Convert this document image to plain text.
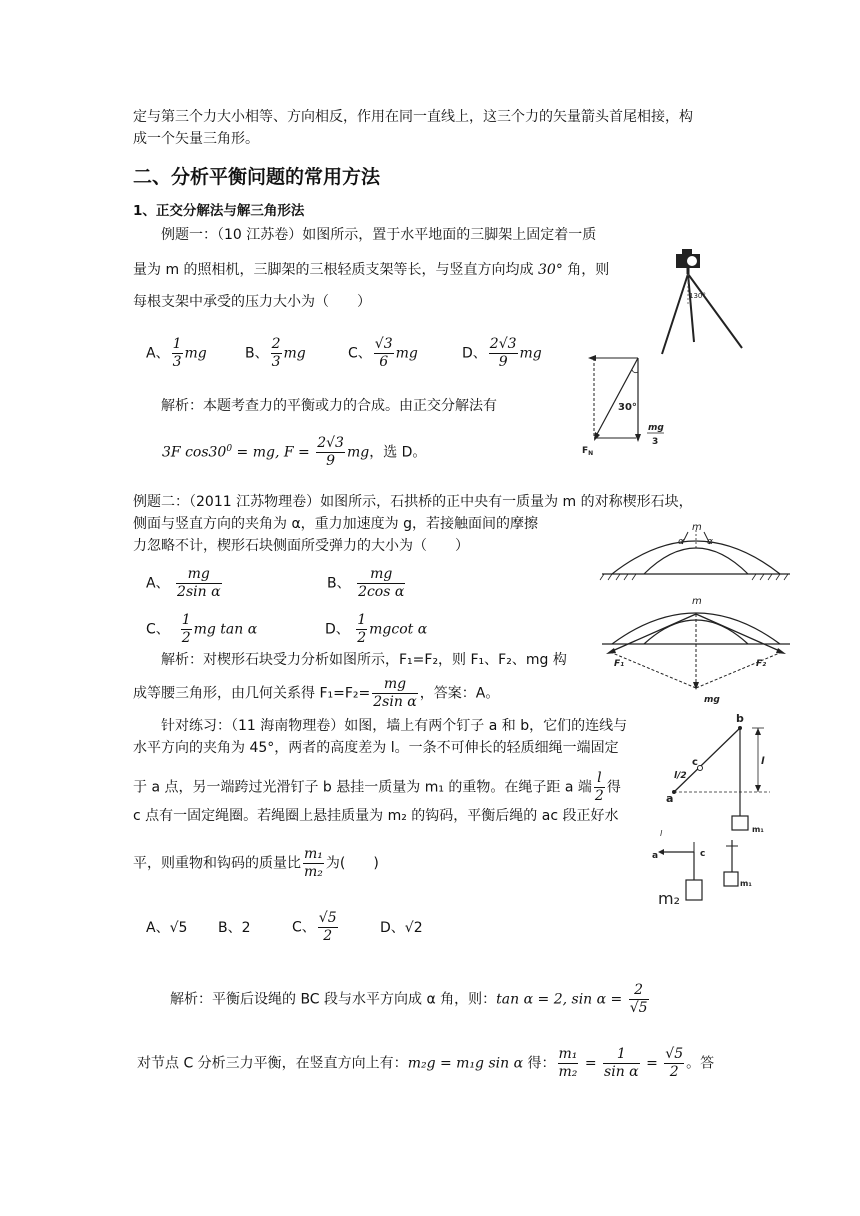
定与第三个力大小相等、方向相反，作用在同一直线上，这三个力的矢量箭头首尾相接，构
成一个矢量三角形。
二、分析平衡问题的常用方法
1、正交分解法与解三角形法
例题一：（10 江苏卷）如图所示，置于水平地面的三脚架上固定着一质
量为 m 的照相机，三脚架的三根轻质支架等长，与竖直方向均成 30° 角，则
每根支架中承受的压力大小为（　　）
A、 $\frac{1}{3}$ mg	B、 $\frac{2}{3}$ mg	C、 $\frac{√3}{6}$ mg	D、 $\frac{2√3}{9}$ mg
解析：本题考查力的平衡或力的合成。由正交分解法有
3F $\cos 30^0$ = mg, $F = \frac{2√3}{9}$ mg，选 D。
130°
30°
mg
3
$F_N$
例题二：（2011 江苏物理卷）如图所示，石拱桥的正中央有一质量为 m 的对称楔形石块，
侧面与竖直方向的夹角为 α，重力加速度为 g，若接触面间的摩擦
力忽略不计，楔形石块侧面所受弹力的大小为（　　）
A、 $\frac{mg}{\text{2sin α}}$	B、 $\frac{mg}{\text{2cos α}}$
C、 $\frac{1}{2}$ mg tan α	D、 $\frac{1}{2}$ mgcot α
解析：对楔形石块受力分析如图所示，F₁=F₂，则 F₁、F₂、mg 构
成等腰三角形，由几何关系得 $F_1=F_2= \frac{mg}{\text{2sin α}}$ ，答案：A。
m
α	α
m
F₁	F₂
mg
针对练习：（11 海南物理卷）如图，墙上有两个钉子 a 和 b，它们的连线与
水平方向的夹角为 45°，两者的高度差为 l。一条不可伸长的轻质细绳一端固定
于 a 点，另一端跨过光滑钉子 b 悬挂一质量为 m₁ 的重物。在绳子距 a 端 $\frac{l}{2}$ 得
c 点有一固定绳圈。若绳圈上悬挂质量为 m₂ 的钩码，平衡后绳的 ac 段正好水
平，则重物和钩码的质量比 $\frac{\text{m₁}}{\text{m₂}}$ 为(　　)
A、√5 B、2	C、 $\frac{√5}{2}$	D、√2
解析：平衡后设绳的 BC 段与水平方向成 α 角，则：tan α = 2, $\sin \alpha = \frac{2}{√5}$
对节点 C 分析三力平衡，在竖直方向上有：m₂g = m₁g sin α 得： $\frac{\text{m₁}}{\text{m₂}} = \frac{1}{\text{sin α}} = \frac{√5}{2}$ 。答
b
a
c
l/2
m₁
l
l
a	c
m₂
m₁
